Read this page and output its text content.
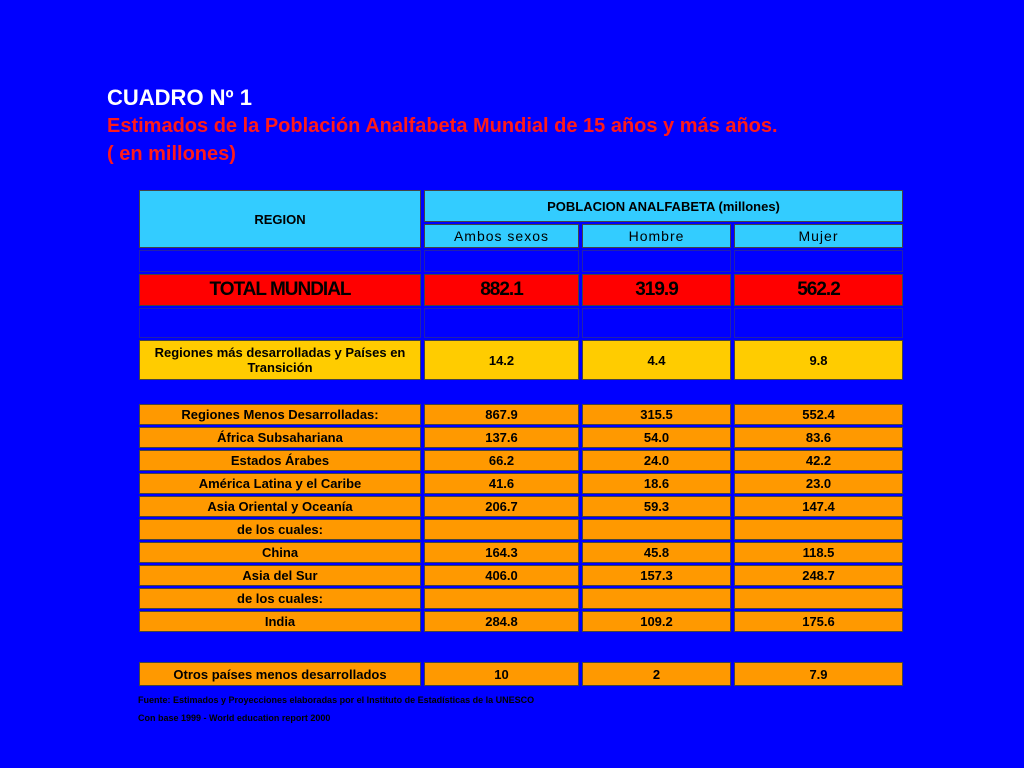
CUADRO Nº 1
Estimados de la Población Analfabeta Mundial de 15 años y más años.
( en millones)
REGION	POBLACION ANALFABETA (millones)		
	Ambos sexos	Hombre	Mujer

TOTAL MUNDIAL	882.1	319.9	562.2

Regiones más desarrolladas y Países en Transición	14.2	4.4	9.8
Regiones Menos Desarrolladas:	867.9	315.5	552.4
África Subsahariana	137.6	54.0	83.6
Estados Árabes	66.2	24.0	42.2
América Latina y el Caribe	41.6	18.6	23.0
Asia Oriental y Oceanía	206.7	59.3	147.4
de los cuales:			
China	164.3	45.8	118.5
Asia del Sur	406.0	157.3	248.7
de los cuales:			
India	284.8	109.2	175.6
Otros países menos desarrollados	10	2	7.9
Fuente: Estimados y Proyecciones elaboradas por el Instituto de Estadísticas de la UNESCO
Con base 1999 - World education report 2000
